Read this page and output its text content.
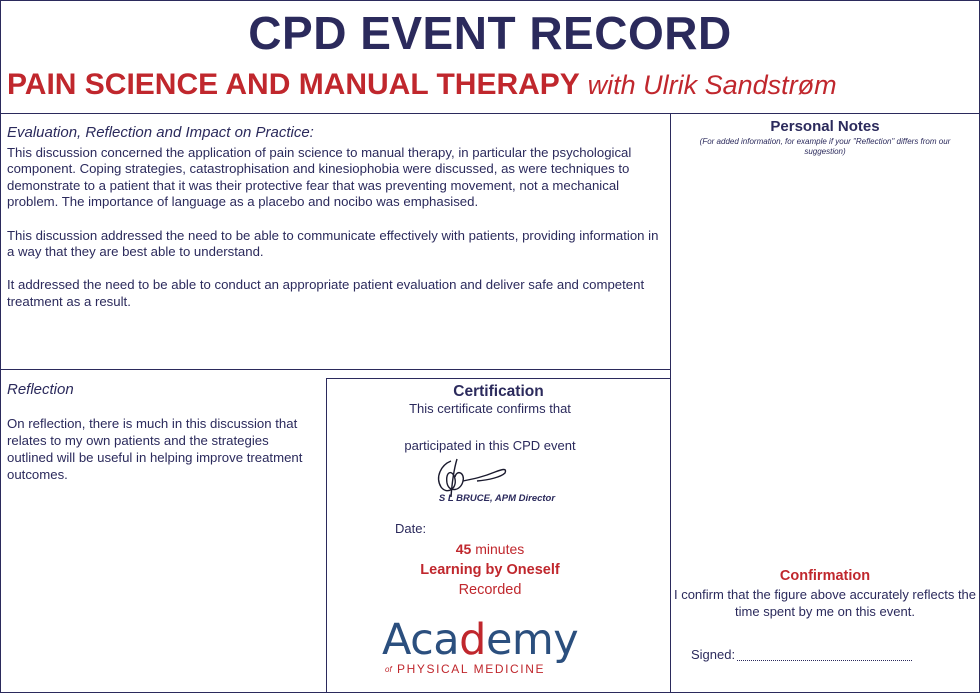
CPD EVENT RECORD
PAIN SCIENCE AND MANUAL THERAPY with Ulrik Sandstrøm
Evaluation, Reflection and Impact on Practice:

This discussion concerned the application of pain science to manual therapy, in particular the psychological component. Coping strategies, catastrophisation and kinesiophobia were discussed, as were techniques to demonstrate to a patient that it was their protective fear that was preventing movement, not a mechanical problem. The importance of language as a placebo and nocibo was emphasised.

This discussion addressed the need to be able to communicate effectively with patients, providing information in a way that they are best able to understand.

It addressed the need to be able to conduct an appropriate patient evaluation and deliver safe and competent treatment as a result.

Reflection
On reflection, there is much in this discussion that relates to my own patients and the strategies outlined will be useful in helping improve treatment outcomes.
Certification
This certificate confirms that
participated in this CPD event
S L BRUCE, APM Director
Date:
45 minutes
Learning by Oneself
Recorded
Academy
of PHYSICAL MEDICINE
Personal Notes
(For added information, for example if your "Reflection" differs from our suggestion)
Confirmation
I confirm that the figure above accurately reflects the time spent by me on this event.
Signed:
